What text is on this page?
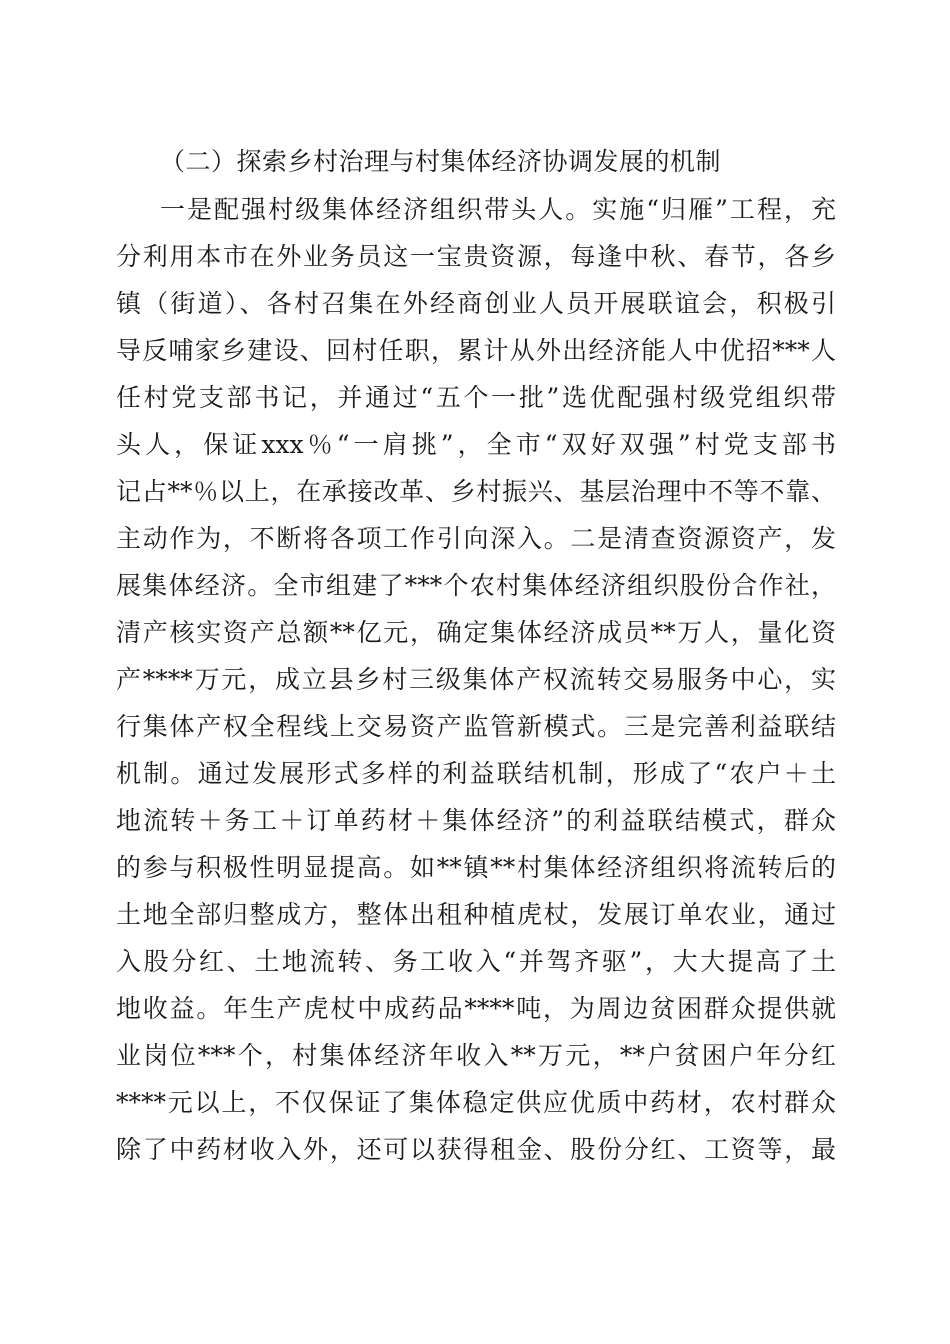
（二）探索乡村治理与村集体经济协调发展的机制
一是配强村级集体经济组织带头人。实施“归雁”工程，充
分利用本市在外业务员这一宝贵资源，每逢中秋、春节，各乡
镇（街道）、各村召集在外经商创业人员开展联谊会，积极引
导反哺家乡建设、回村任职，累计从外出经济能人中优招***人
任村党支部书记，并通过“五个一批”选优配强村级党组织带
头人，保证xxx％“一肩挑”，全市“双好双强”村党支部书
记占**％以上，在承接改革、乡村振兴、基层治理中不等不靠、
主动作为，不断将各项工作引向深入。二是清查资源资产，发
展集体经济。全市组建了***个农村集体经济组织股份合作社，
清产核实资产总额**亿元，确定集体经济成员**万人，量化资
产****万元，成立县乡村三级集体产权流转交易服务中心，实
行集体产权全程线上交易资产监管新模式。三是完善利益联结
机制。通过发展形式多样的利益联结机制，形成了“农户＋土
地流转＋务工＋订单药材＋集体经济”的利益联结模式，群众
的参与积极性明显提高。如**镇**村集体经济组织将流转后的
土地全部归整成方，整体出租种植虎杖，发展订单农业，通过
入股分红、土地流转、务工收入“并驾齐驱”，大大提高了土
地收益。年生产虎杖中成药品****吨，为周边贫困群众提供就
业岗位***个，村集体经济年收入**万元，**户贫困户年分红
****元以上，不仅保证了集体稳定供应优质中药材，农村群众
除了中药材收入外，还可以获得租金、股份分红、工资等，最
